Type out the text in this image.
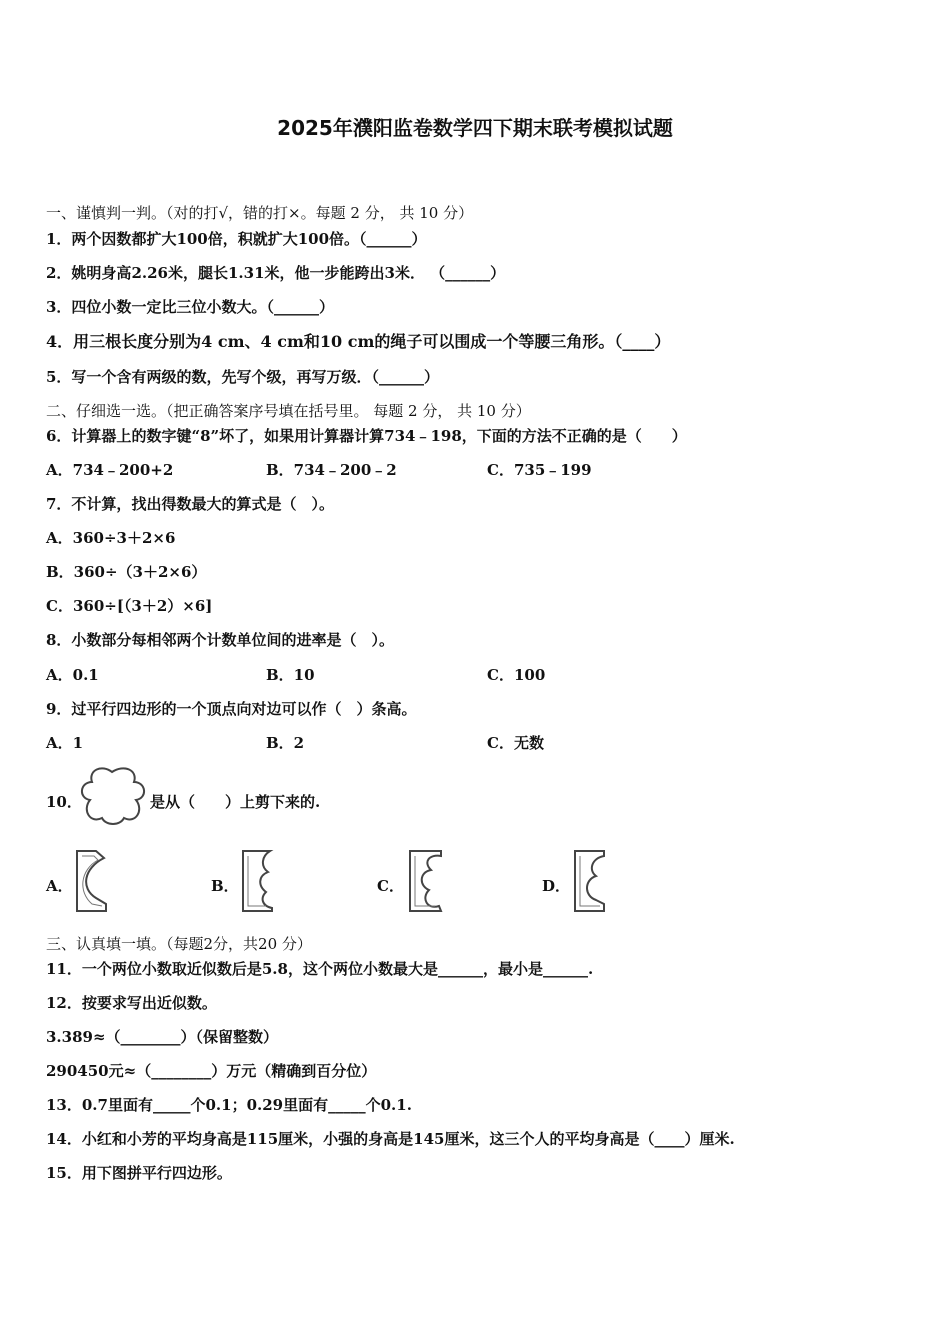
2025年濮阳监卷数学四下期末联考模拟试题
一、谨慎判一判。（对的打√，错的打×。每题 2 分， 共 10 分）
1．两个因数都扩大100倍，积就扩大100倍。（______）
2．姚明身高2.26米，腿长1.31米，他一步能跨出3米． （______）
3．四位小数一定比三位小数大。（______）
4．用三根长度分别为4 cm、4 cm和10 cm的绳子可以围成一个等腰三角形。（____）
5．写一个含有两级的数，先写个级，再写万级．（______）
二、仔细选一选。（把正确答案序号填在括号里。 每题 2 分， 共 10 分）
6．计算器上的数字键“8”坏了，如果用计算器计算734﹣198，下面的方法不正确的是（　　）
A．734﹣200+2	B．734﹣200﹣2	C．735﹣199
7．不计算，找出得数最大的算式是（　）。
A．360÷3＋2×6
B．360÷（3＋2×6）
C．360÷[（3＋2）×6]
8．小数部分每相邻两个计数单位间的进率是（　）。
A．0.1	B．10	C．100
9．过平行四边形的一个顶点向对边可以作（　）条高。
A．1	B．2	C．无数
10．	是从（　　）上剪下来的.
A．	B．	C．	D．
三、认真填一填。（每题2分，共20 分）
11．一个两位小数取近似数后是5.8，这个两位小数最大是______，最小是______.
12．按要求写出近似数。
3.389≈（________）（保留整数）
290450元≈（________）万元（精确到百分位）
13．0.7里面有_____个0.1；0.29里面有_____个0.1.
14．小红和小芳的平均身高是115厘米，小强的身高是145厘米，这三个人的平均身高是（____）厘米.
15．用下图拼平行四边形。
